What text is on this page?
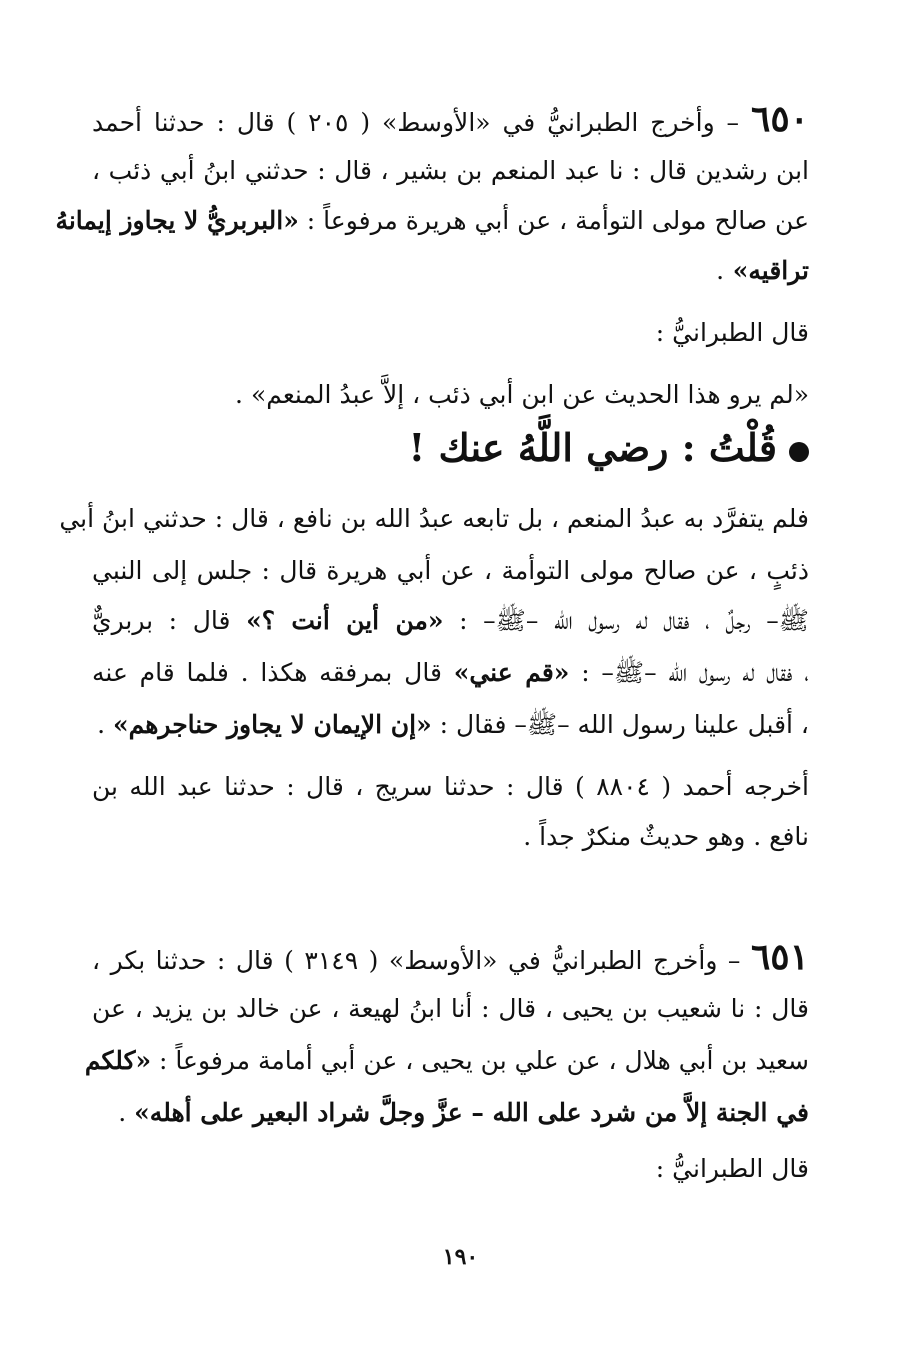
٦٥٠ – وأخرج الطبرانيُّ في «الأوسط» ( ٢٠٥ ) قال : حدثنا أحمد
ابن رشدين قال : نا عبد المنعم بن بشير ، قال : حدثني ابنُ أبي ذئب ،
عن صالح مولى التوأمة ، عن أبي هريرة مرفوعاً : «البربريُّ لا يجاوز إيمانهُ
تراقيه» .
قال الطبرانيُّ :
«لم يرو هذا الحديث عن ابن أبي ذئب ، إلاَّ عبدُ المنعم» .
قُلْتُ : رضي اللَّهُ عنك !
فلم يتفرَّد به عبدُ المنعم ، بل تابعه عبدُ الله بن نافع ، قال : حدثني ابنُ أبي
ذئبٍ ، عن صالح مولى التوأمة ، عن أبي هريرة قال : جلس إلى النبي
ﷺ– رجلٌ ، فقال له رسول الله –ﷺ– : «من أين أنت ؟» قال : بربريٌّ
، فقال له رسول الله –ﷺ– : «قم عني» قال بمرفقه هكذا . فلما قام عنه
، أقبل علينا رسول الله –ﷺ– فقال : «إن الإيمان لا يجاوز حناجرهم» .
أخرجه أحمد ( ٨٨٠٤ ) قال : حدثنا سريج ، قال : حدثنا عبد الله بن
نافع . وهو حديثٌ منكرٌ جداً .
٦٥١ – وأخرج الطبرانيُّ في «الأوسط» ( ٣١٤٩ ) قال : حدثنا بكر ،
قال : نا شعيب بن يحيى ، قال : أنا ابنُ لهيعة ، عن خالد بن يزيد ، عن
سعيد بن أبي هلال ، عن علي بن يحيى ، عن أبي أمامة مرفوعاً : «كلكم
في الجنة إلاَّ من شرد على الله – عزَّ وجلَّ شراد البعير على أهله» .
قال الطبرانيُّ :
١٩٠
